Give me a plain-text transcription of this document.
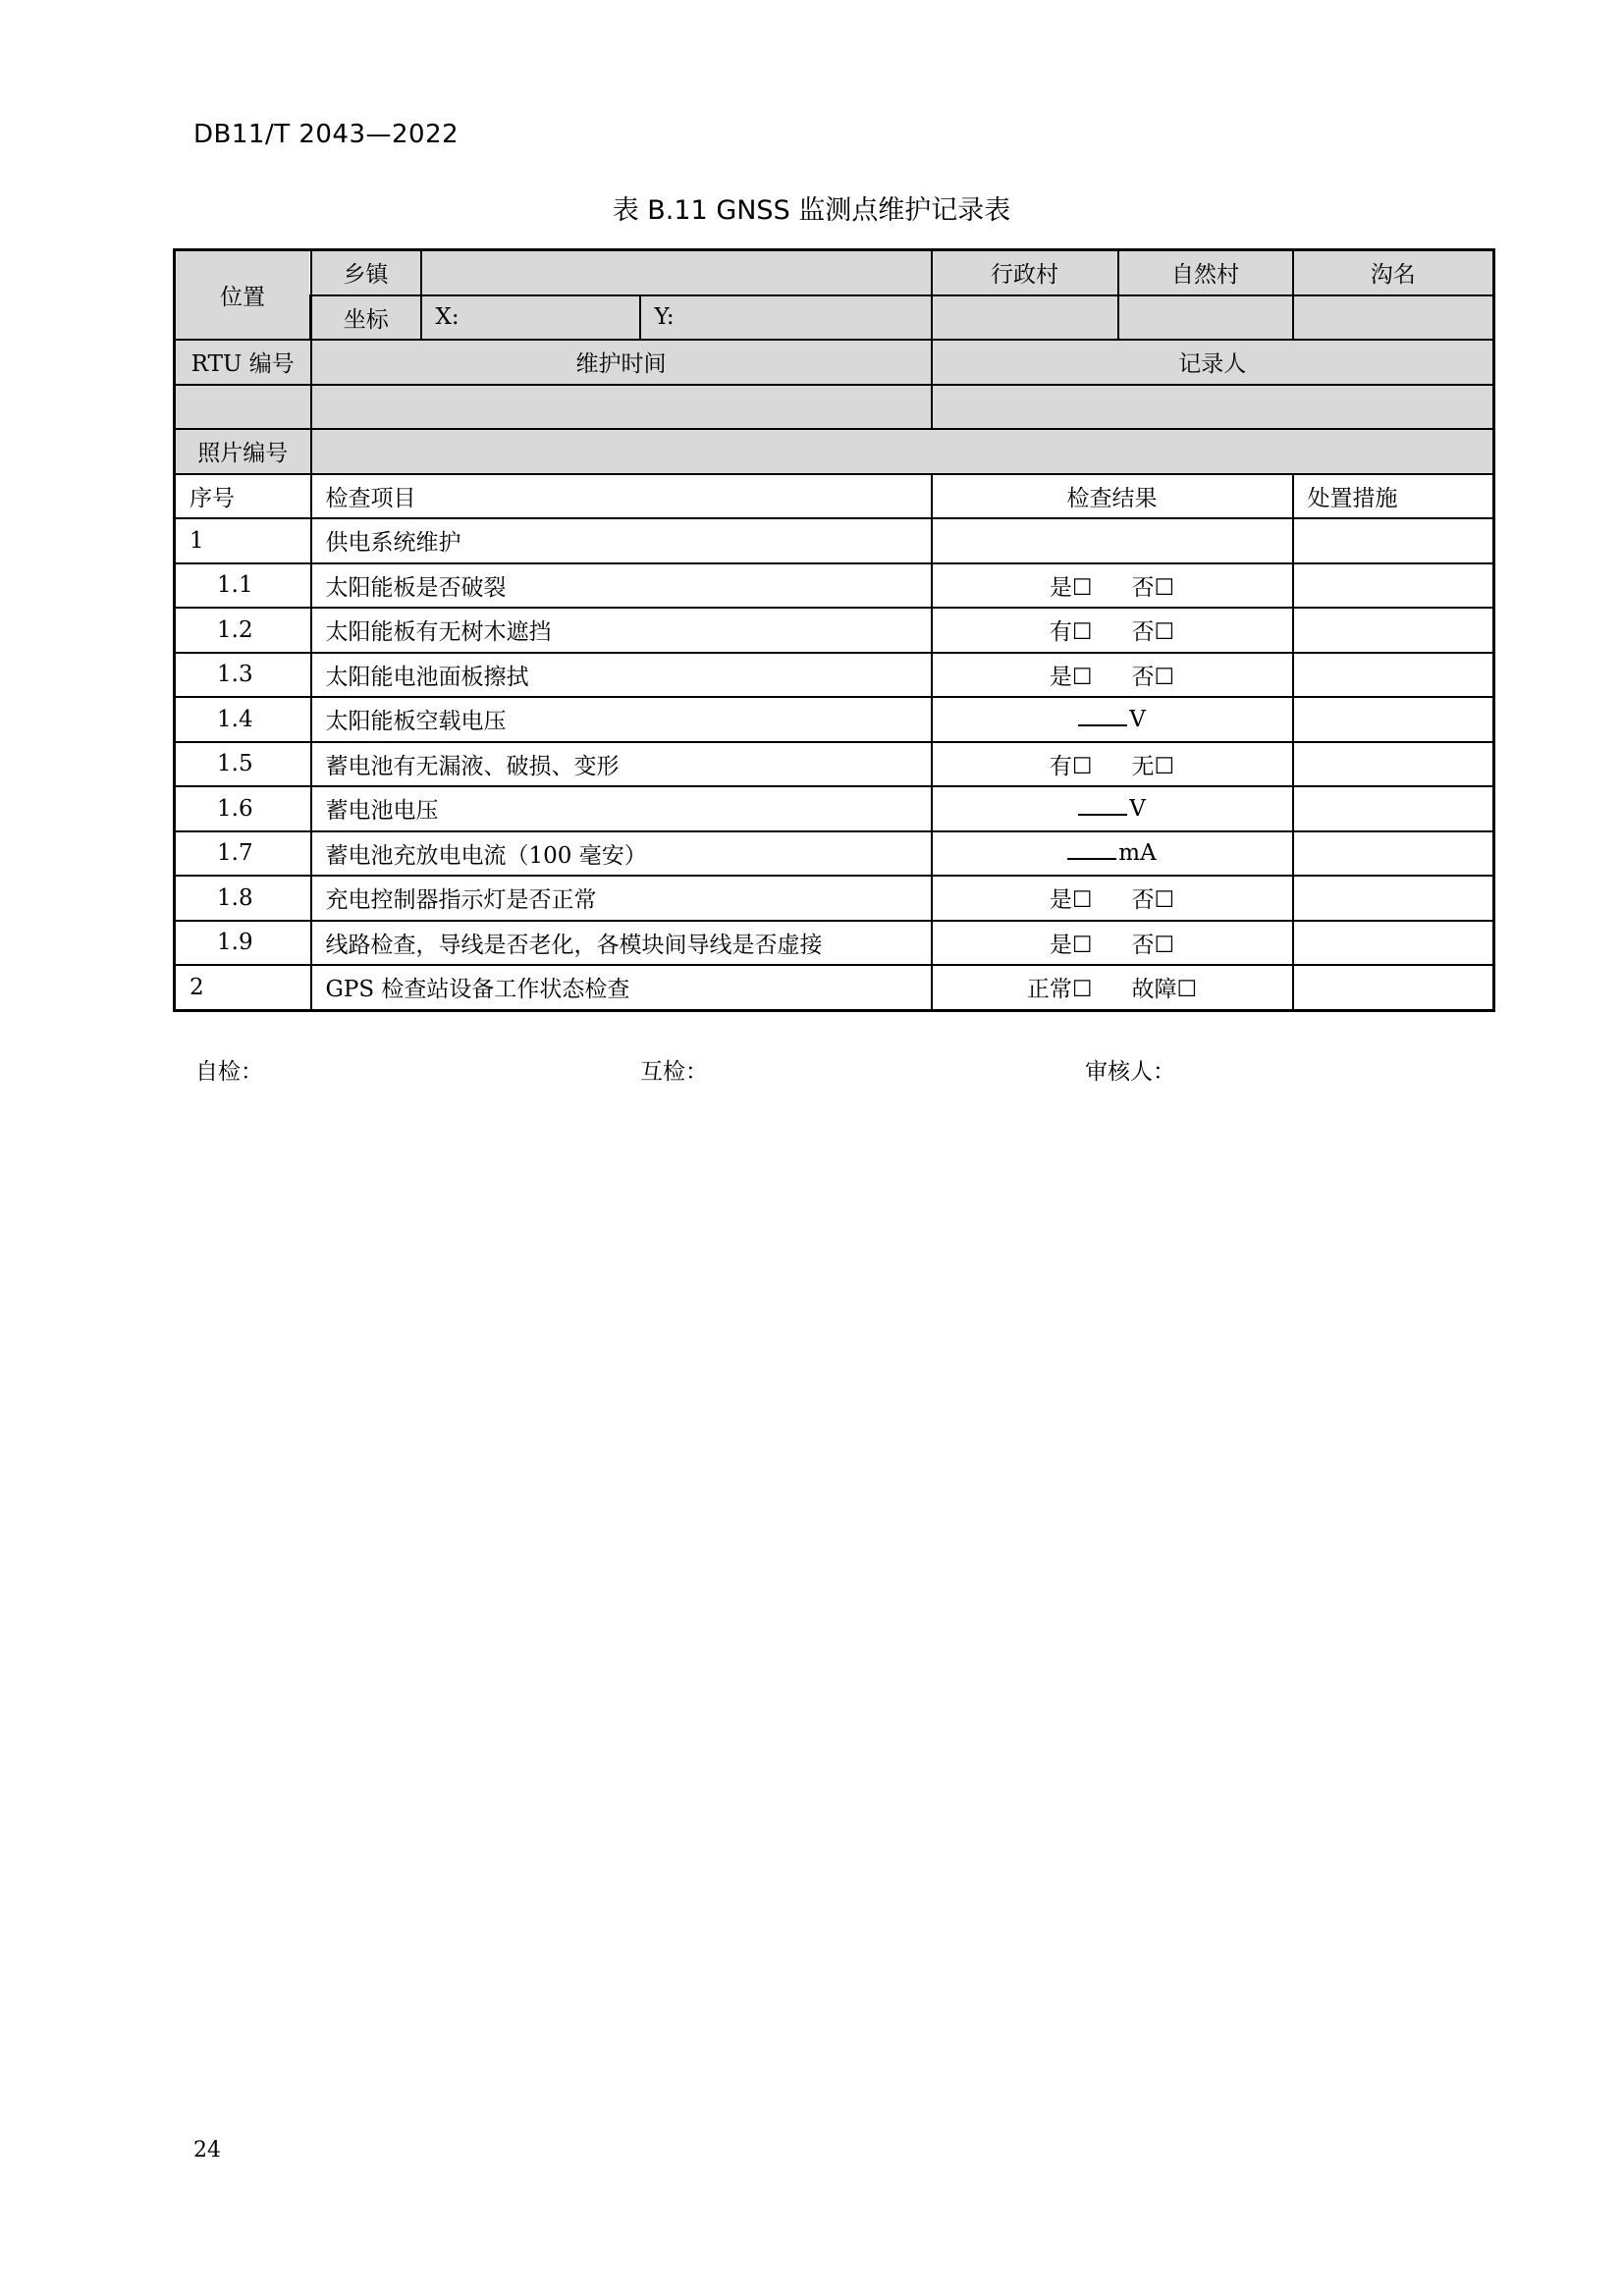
DB11/T 2043—2022
表 B.11 GNSS 监测点维护记录表
位置	乡镇			行政村	自然村	沟名
	坐标	X:	Y:			
RTU 编号	维护时间			记录人		

照片编号						
序号	检查项目			检查结果		处置措施
1	供电系统维护					
1.1	太阳能板是否破裂			是☐ 否☐		
1.2	太阳能板有无树木遮挡			有☐ 否☐		
1.3	太阳能电池面板擦拭			是☐ 否☐		
1.4	太阳能板空载电压			V		
1.5	蓄电池有无漏液、破损、变形			有☐ 无☐		
1.6	蓄电池电压			V		
1.7	蓄电池充放电电流（100 毫安）			mA		
1.8	充电控制器指示灯是否正常			是☐ 否☐		
1.9	线路检查，导线是否老化，各模块间导线是否虚接			是☐ 否☐		
2	GPS 检查站设备工作状态检查			正常☐ 故障☐		
自检：	互检：	审核人：
24
